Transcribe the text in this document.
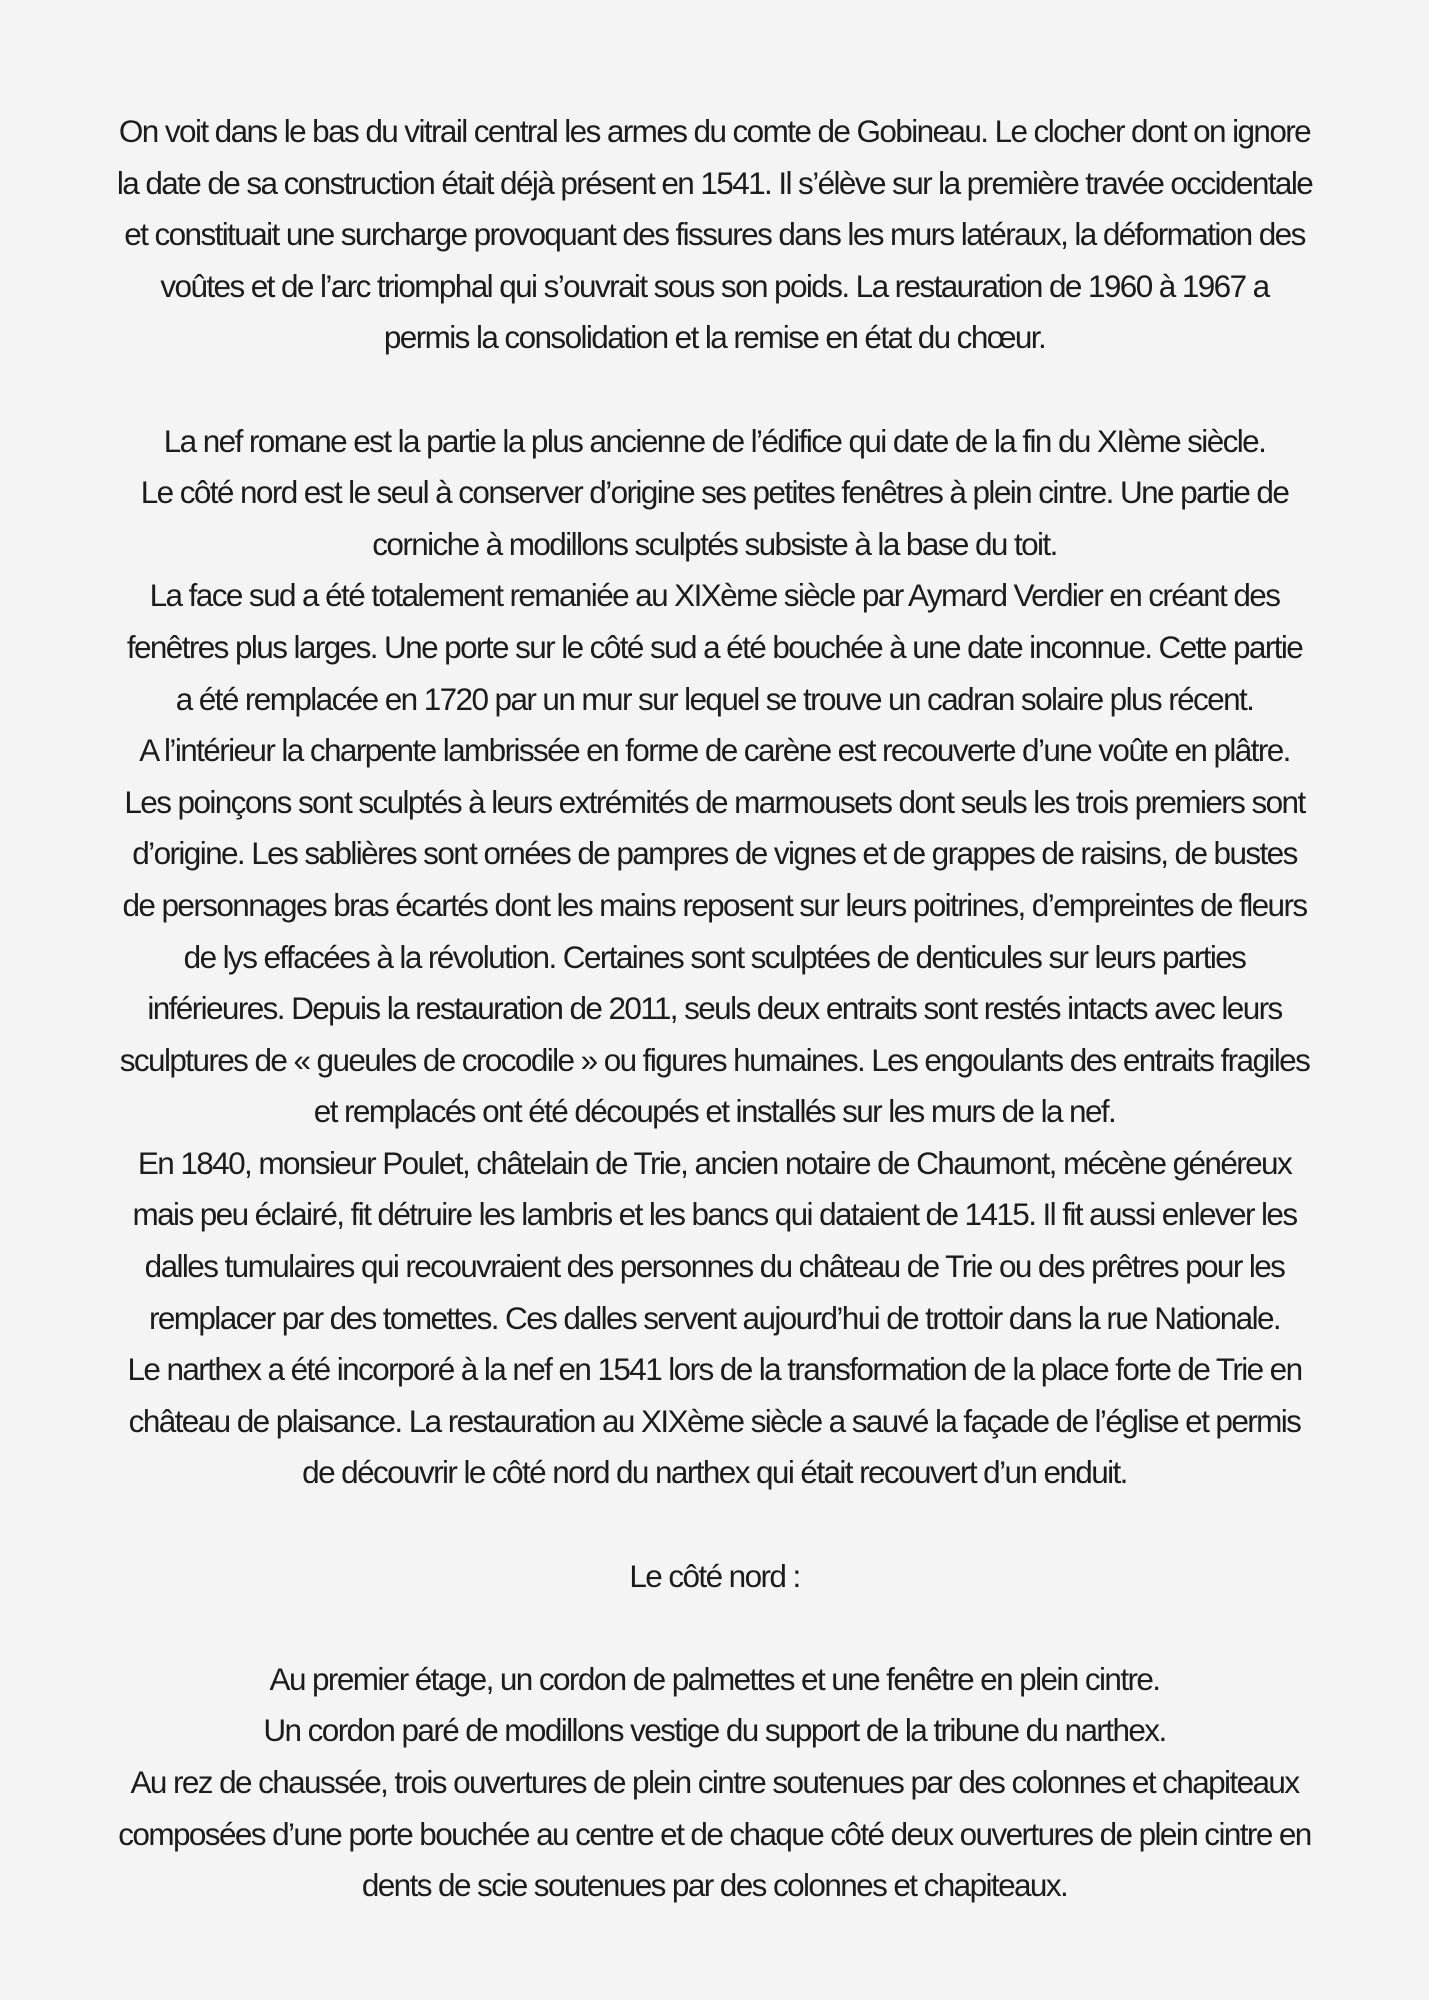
On voit dans le bas du vitrail central les armes du comte de Gobineau. Le clocher dont on ignore
la date de sa construction était déjà présent en 1541. Il s’élève sur la première travée occidentale
et constituait une surcharge provoquant des fissures dans les murs latéraux, la déformation des
voûtes et de l’arc triomphal qui s’ouvrait sous son poids. La restauration de 1960 à 1967 a
permis la consolidation et la remise en état du chœur.

La nef romane est la partie la plus ancienne de l’édifice qui date de la fin du XIème siècle.
Le côté nord est le seul à conserver d’origine ses petites fenêtres à plein cintre. Une partie de
corniche à modillons sculptés subsiste à la base du toit.
La face sud a été totalement remaniée au XIXème siècle par Aymard Verdier en créant des
fenêtres plus larges. Une porte sur le côté sud a été bouchée à une date inconnue. Cette partie
a été remplacée en 1720 par un mur sur lequel se trouve un cadran solaire plus récent.
A l’intérieur la charpente lambrissée en forme de carène est recouverte d’une voûte en plâtre.
Les poinçons sont sculptés à leurs extrémités de marmousets dont seuls les trois premiers sont
d’origine. Les sablières sont ornées de pampres de vignes et de grappes de raisins, de bustes
de personnages bras écartés dont les mains reposent sur leurs poitrines, d’empreintes de fleurs
de lys effacées à la révolution. Certaines sont sculptées de denticules sur leurs parties
inférieures. Depuis la restauration de 2011, seuls deux entraits sont restés intacts avec leurs
sculptures de « gueules de crocodile » ou figures humaines. Les engoulants des entraits fragiles
et remplacés ont été découpés et installés sur les murs de la nef.
En 1840, monsieur Poulet, châtelain de Trie, ancien notaire de Chaumont, mécène généreux
mais peu éclairé, fit détruire les lambris et les bancs qui dataient de 1415. Il fit aussi enlever les
dalles tumulaires qui recouvraient des personnes du château de Trie ou des prêtres pour les
remplacer par des tomettes. Ces dalles servent aujourd’hui de trottoir dans la rue Nationale.
Le narthex a été incorporé à la nef en 1541 lors de la transformation de la place forte de Trie en
château de plaisance. La restauration au XIXème siècle a sauvé la façade de l’église et permis
de découvrir le côté nord du narthex qui était recouvert d’un enduit.

Le côté nord :

Au premier étage, un cordon de palmettes et une fenêtre en plein cintre.
Un cordon paré de modillons vestige du support de la tribune du narthex.
Au rez de chaussée, trois ouvertures de plein cintre soutenues par des colonnes et chapiteaux
composées d’une porte bouchée au centre et de chaque côté deux ouvertures de plein cintre en
dents de scie soutenues par des colonnes et chapiteaux.
